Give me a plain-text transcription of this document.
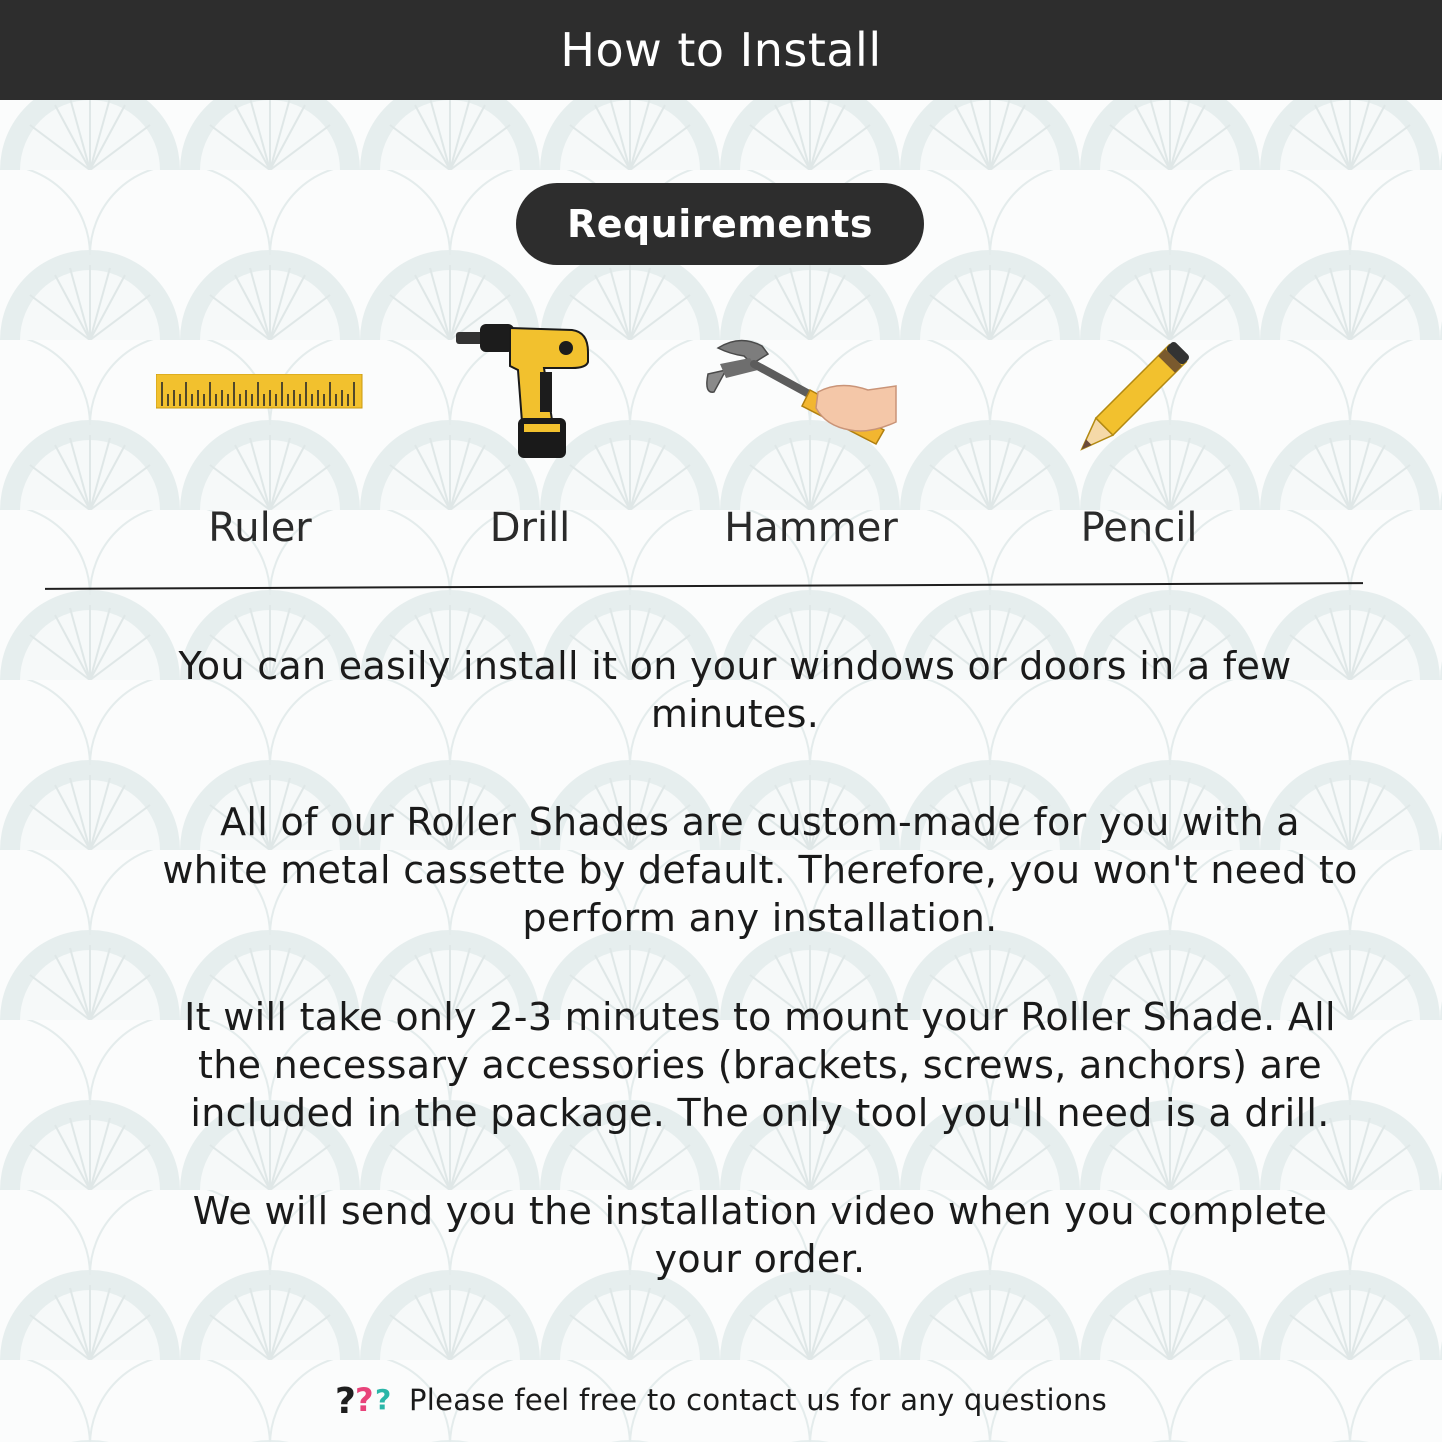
How to Install
Requirements
Ruler	Drill	Hammer	Pencil
You can easily install it on your windows or doors in a few
minutes.
All of our Roller Shades are custom-made for you with a
white metal cassette by default. Therefore, you won't need to
perform any installation.
It will take only 2-3 minutes to mount your Roller Shade. All
the necessary accessories (brackets, screws, anchors) are
included in the package. The only tool you'll need is a drill.
We will send you the installation video when you complete
your order.
? ? ? Please feel free to contact us for any questions
